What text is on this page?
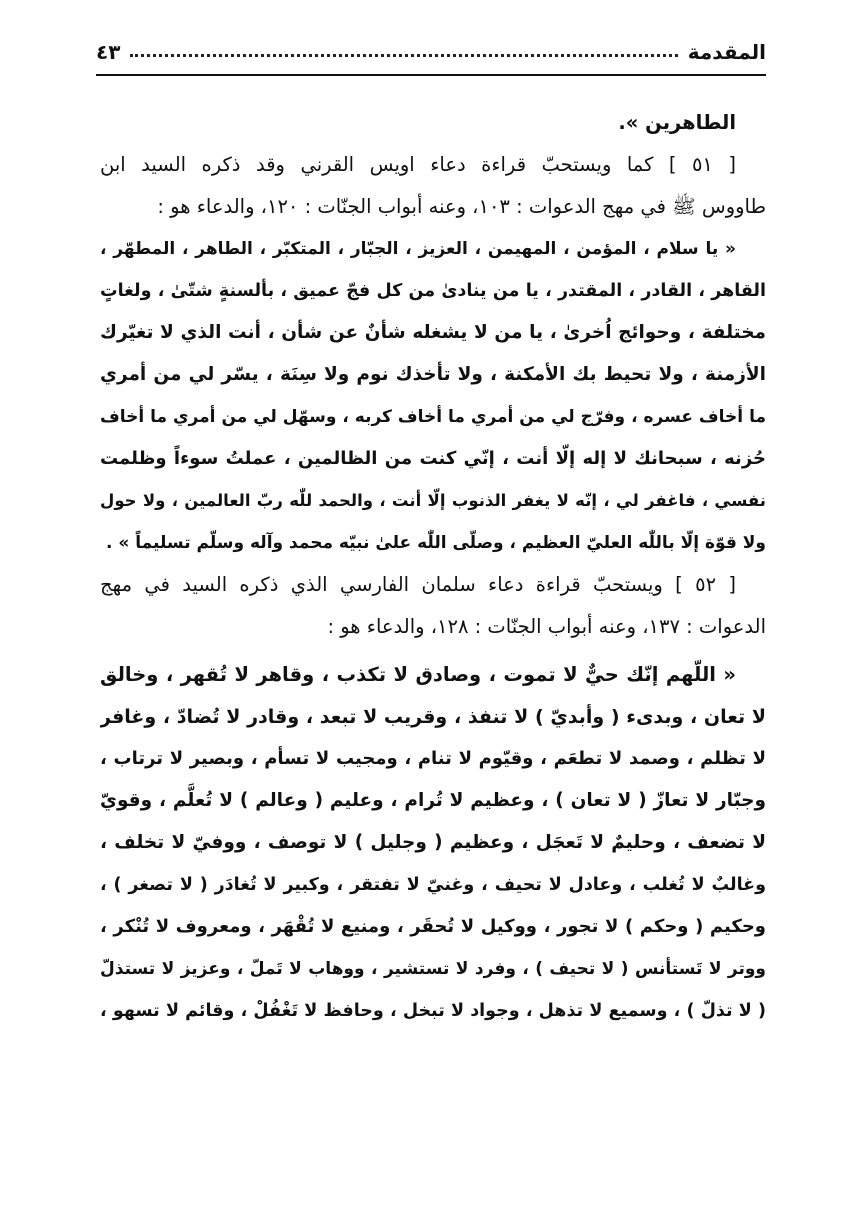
المقدمة
٤٣
الطاهرين ».
[ ٥١ ] كما ويستحبّ قراءة دعاء اويس القرني وقد ذكره السيد ابن
طاووس ﷺ في مهج الدعوات : ١٠٣، وعنه أبواب الجنّات : ١٢٠، والدعاء هو :
« يا سلام ، المؤمن ، المهيمن ، العزيز ، الجبّار ، المتكبّر ، الطاهر ، المطهّر ،
القاهر ، القادر ، المقتدر ، يا من ينادىٰ من كل فجّ عميق ، بألسنةٍ شتّىٰ ، ولغاتٍ
مختلفة ، وحوائج اُخرىٰ ، يا من لا يشغله شأنٌ عن شأن ، أنت الذي لا تغيّرك
الأزمنة ، ولا تحيط بك الأمكنة ، ولا تأخذك نوم ولا سِنَة ، يسّر لي من أمري
ما أخاف عسره ، وفرّج لي من أمري ما أخاف كربه ، وسهّل لي من أمري ما أخاف
حُزنه ، سبحانك لا إله إلّا أنت ، إنّي كنت من الظالمين ، عملتُ سوءاً وظلمت
نفسي ، فاغفر لي ، إنّه لا يغفر الذنوب إلّا أنت ، والحمد للّٰه ربّ العالمين ، ولا حول
ولا قوّة إلّا باللّٰه العليّ العظيم ، وصلّى اللّٰه علىٰ نبيّه محمد وآله وسلّم تسليماً » .
[ ٥٢ ] ويستحبّ قراءة دعاء سلمان الفارسي الذي ذكره السيد في مهج
الدعوات : ١٣٧، وعنه أبواب الجنّات : ١٢٨، والدعاء هو :
« اللّهم إنّك حيٌّ لا تموت ، وصادق لا تكذب ، وقاهر لا تُقهر ، وخالق
لا تعان ، وبدىء ( وأبديّ ) لا تنفذ ، وقريب لا تبعد ، وقادر لا تُضادّ ، وغافر
لا تظلم ، وصمد لا تطعَم ، وقيّوم لا تنام ، ومجيب لا تسأم ، وبصير لا ترتاب ،
وجبّار لا تعازّ ( لا تعان ) ، وعظيم لا تُرام ، وعليم ( وعالم ) لا تُعلَّم ، وقويّ
لا تضعف ، وحليمٌ لا تَعجَل ، وعظيم ( وجليل ) لا توصف ، ووفيّ لا تخلف ،
وغالبٌ لا تُغلب ، وعادل لا تحيف ، وغنيّ لا تفتقر ، وكبير لا تُغادَر ( لا تصغر ) ،
وحكيم ( وحكم ) لا تجور ، ووكيل لا تُحقَر ، ومنيع لا تُقْهَر ، ومعروف لا تُنْكر ،
ووتر لا تَستأنس ( لا تحيف ) ، وفرد لا تستشير ، ووهاب لا تَملّ ، وعزيز لا تستذلّ
( لا تذلّ ) ، وسميع لا تذهل ، وجواد لا تبخل ، وحافظ لا تَغْفُلْ ، وقائم لا تسهو ،
